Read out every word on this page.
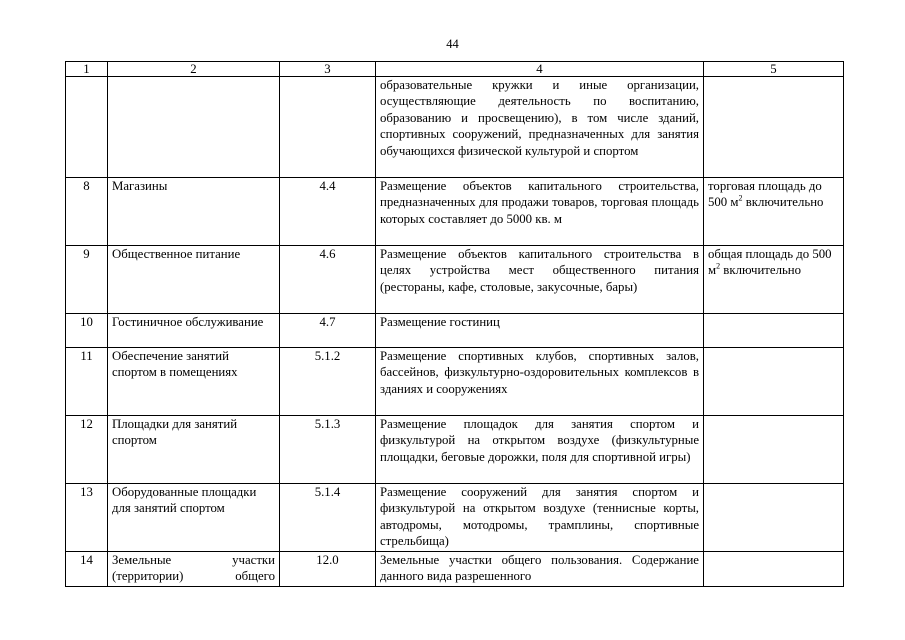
44
1	2	3	4	5
			образовательные кружки и иные организации, осуществляющие деятельность по воспитанию, образованию и просвещению), в том числе зданий, спортивных сооружений, предназначенных для занятия обучающихся физической культурой и спортом	
8	Магазины	4.4	Размещение объектов капитального строительства, предназначенных для продажи товаров, торговая площадь которых составляет до 5000 кв. м	торговая площадь до 500 $м^2$ включительно
9	Общественное питание	4.6	Размещение объектов капитального строительства в целях устройства мест общественного питания (рестораны, кафе, столовые, закусочные, бары)	общая площадь до 500 $м^2$ включительно
10	Гостиничное обслуживание	4.7	Размещение гостиниц	
11	Обеспечение занятий спортом в помещениях	5.1.2	Размещение спортивных клубов, спортивных залов, бассейнов, физкультурно-оздоровительных комплексов в зданиях и сооружениях	
12	Площадки для занятий спортом	5.1.3	Размещение площадок для занятия спортом и физкультурой на открытом воздухе (физкультурные площадки, беговые дорожки, поля для спортивной игры)	
13	Оборудованные площадки для занятий спортом	5.1.4	Размещение сооружений для занятия спортом и физкультурой на открытом воздухе (теннисные корты, автодромы, мотодромы, трамплины, спортивные стрельбища)	
14	Земельные участки (территории) общего	12.0	Земельные участки общего пользования. Содержание данного вида разрешенного	
